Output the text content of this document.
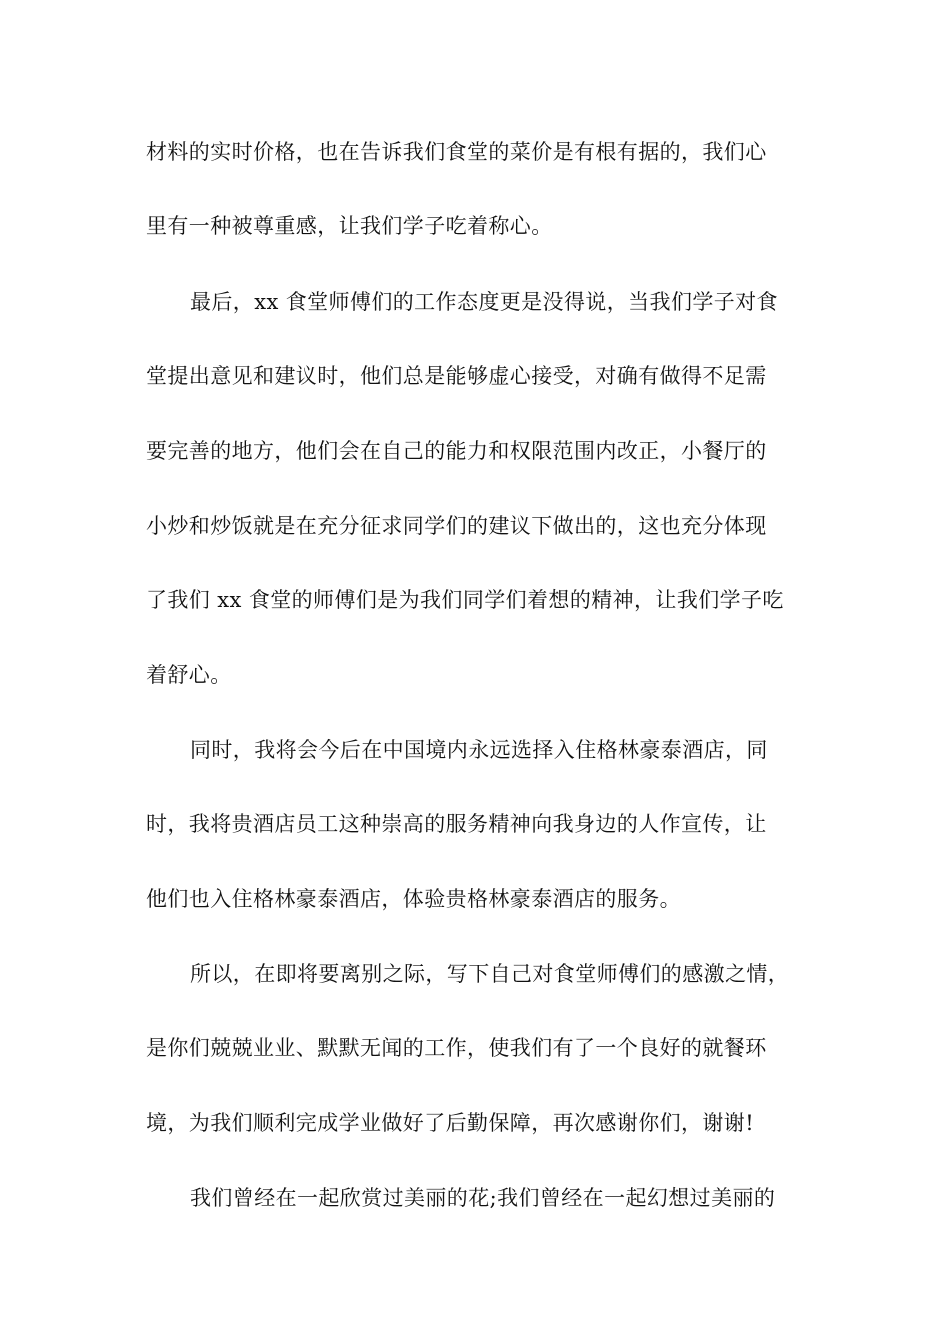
材料的实时价格，也在告诉我们食堂的菜价是有根有据的，我们心
里有一种被尊重感，让我们学子吃着称心。
最后，xx 食堂师傅们的工作态度更是没得说，当我们学子对食
堂提出意见和建议时，他们总是能够虚心接受，对确有做得不足需
要完善的地方，他们会在自己的能力和权限范围内改正，小餐厅的
小炒和炒饭就是在充分征求同学们的建议下做出的，这也充分体现
了我们 xx 食堂的师傅们是为我们同学们着想的精神，让我们学子吃
着舒心。
同时，我将会今后在中国境内永远选择入住格林豪泰酒店，同
时，我将贵酒店员工这种崇高的服务精神向我身边的人作宣传，让
他们也入住格林豪泰酒店，体验贵格林豪泰酒店的服务。
所以，在即将要离别之际，写下自己对食堂师傅们的感激之情，
是你们兢兢业业、默默无闻的工作，使我们有了一个良好的就餐环
境，为我们顺利完成学业做好了后勤保障，再次感谢你们，谢谢!
我们曾经在一起欣赏过美丽的花;我们曾经在一起幻想过美丽的
